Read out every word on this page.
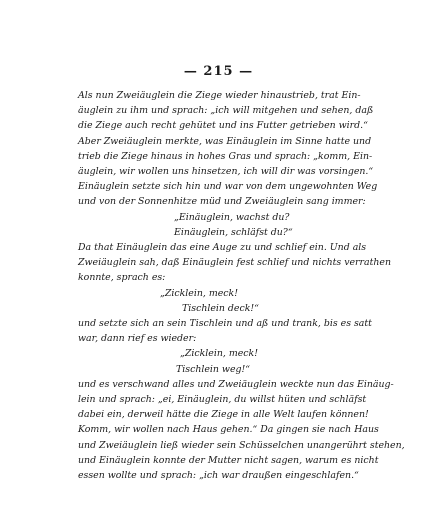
— 215 —
Als nun Zweiäuglein die Ziege wieder hinaustrieb, trat Ein-
äuglein zu ihm und sprach: „ich will mitgehen und sehen, daß
die Ziege auch recht gehütet und ins Futter getrieben wird.“
Aber Zweiäuglein merkte, was Einäuglein im Sinne hatte und
trieb die Ziege hinaus in hohes Gras und sprach: „komm, Ein-
äuglein, wir wollen uns hinsetzen, ich will dir was vorsingen.“
Einäuglein setzte sich hin und war von dem ungewohnten Weg
und von der Sonnenhitze müd und Zweiäuglein sang immer:
„Einäuglein, wachst du?
Einäuglein, schläfst du?“
Da that Einäuglein das eine Auge zu und schlief ein. Und als
Zweiäuglein sah, daß Einäuglein fest schlief und nichts verrathen
konnte, sprach es:
„Zicklein, meck!
Tischlein deck!“
und setzte sich an sein Tischlein und aß und trank, bis es satt
war, dann rief es wieder:
„Zicklein, meck!
Tischlein weg!“
und es verschwand alles und Zweiäuglein weckte nun das Einäug-
lein und sprach: „ei, Einäuglein, du willst hüten und schläfst
dabei ein, derweil hätte die Ziege in alle Welt laufen können!
Komm, wir wollen nach Haus gehen.“ Da gingen sie nach Haus
und Zweiäuglein ließ wieder sein Schüsselchen unangerührt stehen,
und Einäuglein konnte der Mutter nicht sagen, warum es nicht
essen wollte und sprach: „ich war draußen eingeschlafen.“
